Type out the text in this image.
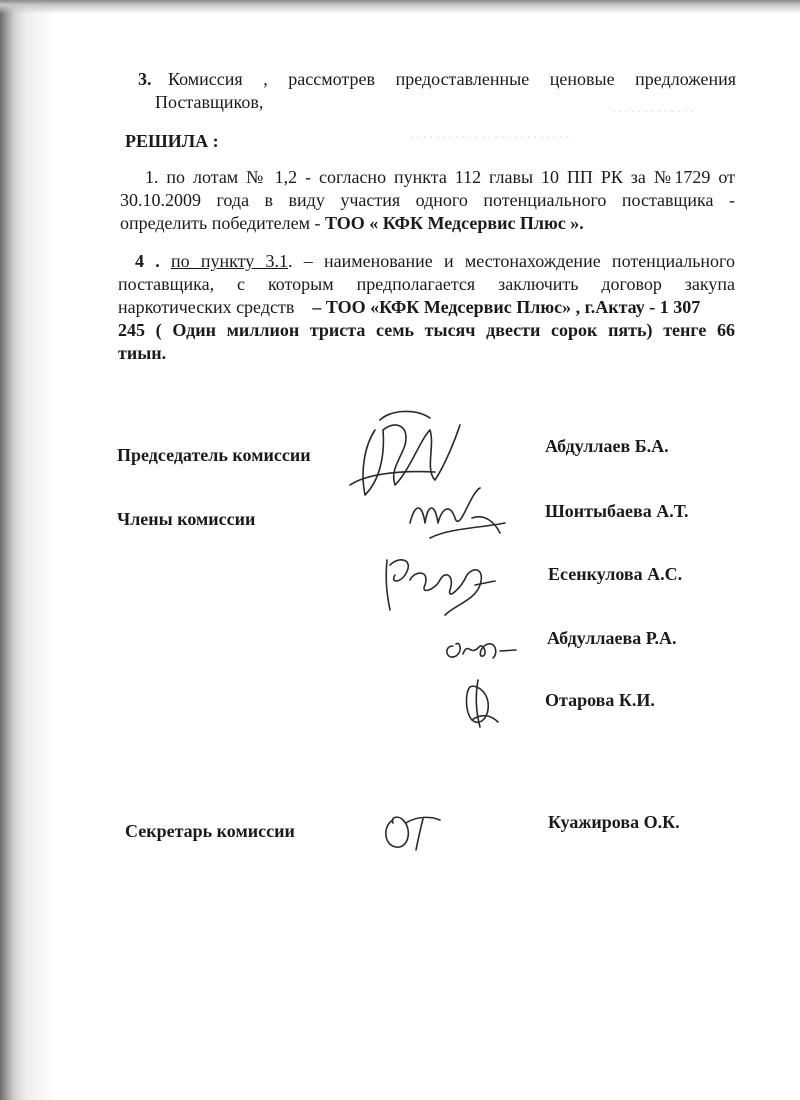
3. Комиссия , рассмотрев предоставленные ценовые предложения
Поставщиков,
РЕШИЛА :
1. по лотам № 1,2 - согласно пункта 112 главы 10 ПП РК за №1729 от
30.10.2009 года в виду участия одного потенциального поставщика -
определить победителем - ТОО « КФК Медсервис Плюс ».
4 . по пункту 3.1. – наименование и местонахождение потенциального
поставщика, с которым предполагается заключить договор закупа
наркотических средств – ТОО «КФК Медсервис Плюс» , г.Актау - 1 307
245 ( Один миллион триста семь тысяч двести сорок пять) тенге 66
тиын.
. . . . . . . . . . . . .
. . . . . . . . . . . . . . . . . . . . . . . . .
Председатель комиссии
Члены комиссии
Секретарь комиссии
Абдуллаев Б.А.
Шонтыбаева А.Т.
Есенкулова А.С.
Абдуллаева Р.А.
Отарова К.И.
Куажирова О.К.
